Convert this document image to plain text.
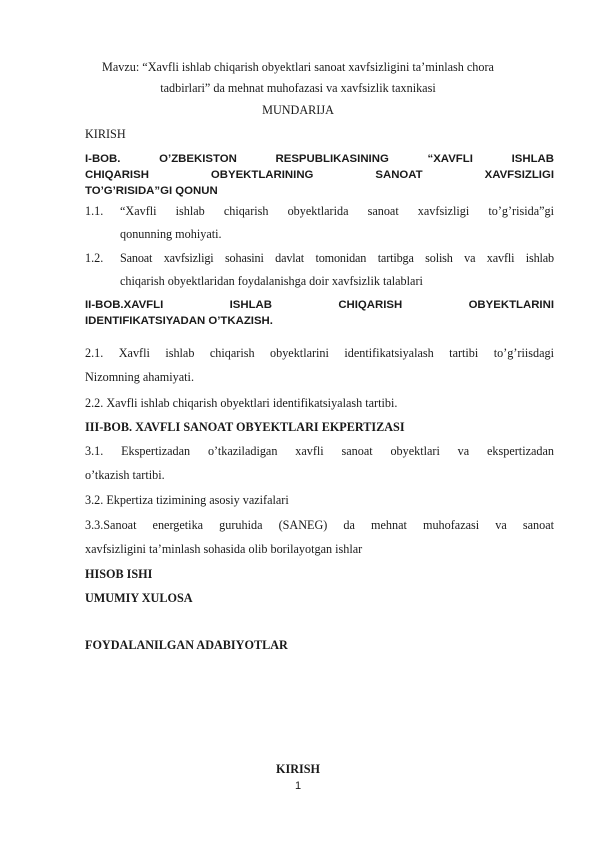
Mavzu: “Xavfli ishlab chiqarish obyektlari sanoat xavfsizligini ta’minlash chora
tadbirlari” da mehnat muhofazasi va xavfsizlik taxnikasi
MUNDARIJA
KIRISH
I-BOB. O’ZBEKISTON RESPUBLIKASINING “XAVFLI ISHLAB
CHIQARISH OBYEKTLARINING SANOAT XAVFSIZLIGI
TO’G’RISIDA”GI QONUN
1.1. “Xavfli ishlab chiqarish obyektlarida sanoat xavfsizligi to’g’risida”gi
qonunning mohiyati.
1.2. Sanoat xavfsizligi sohasini davlat tomonidan tartibga solish va xavfli ishlab
chiqarish obyektlaridan foydalanishga doir xavfsizlik talablari
II-BOB.XAVFLI ISHLAB CHIQARISH OBYEKTLARINI
IDENTIFIKATSIYADAN O’TKAZISH.
2.1. Xavfli ishlab chiqarish obyektlarini identifikatsiyalash tartibi to’g’riisdagi
Nizomning ahamiyati.
2.2. Xavfli ishlab chiqarish obyektlari identifikatsiyalash tartibi.
III-BOB. XAVFLI SANOAT OBYEKTLARI EKPERTIZASI
3.1. Ekspertizadan o’tkaziladigan xavfli sanoat obyektlari va ekspertizadan
o’tkazish tartibi.
3.2. Ekpertiza tizimining asosiy vazifalari
3.3.Sanoat energetika guruhida (SANEG) da mehnat muhofazasi va sanoat
xavfsizligini ta’minlash sohasida olib borilayotgan ishlar
HISOB ISHI
UMUMIY XULOSA
FOYDALANILGAN ADABIYOTLAR
KIRISH
1
